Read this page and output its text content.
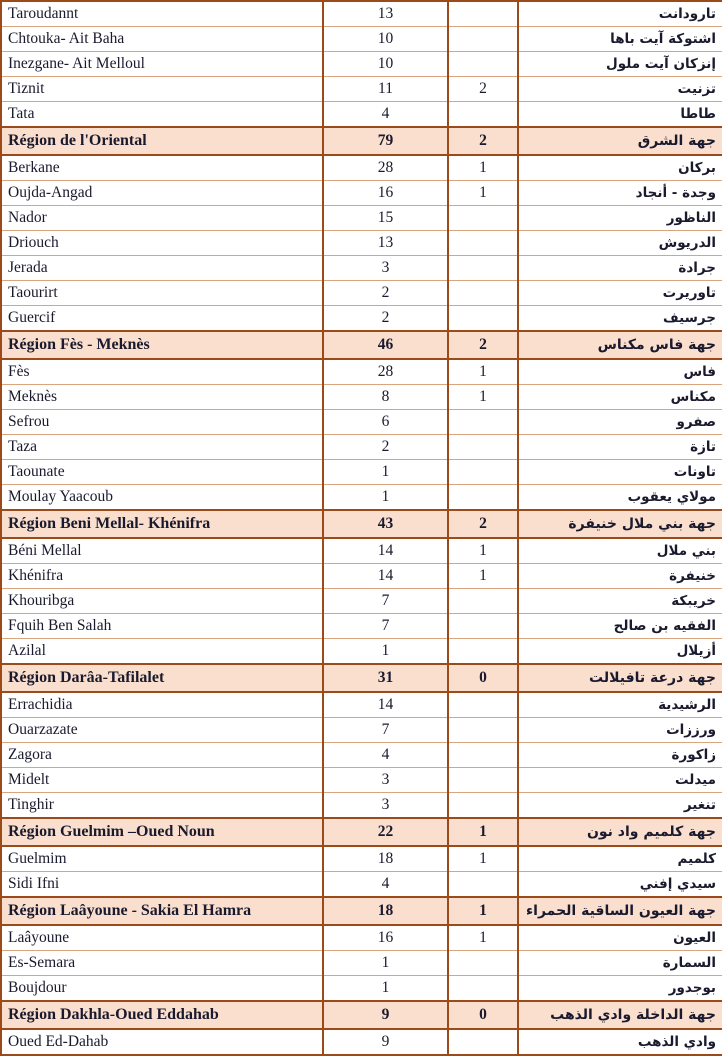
Taroudannt	13		تارودانت
Chtouka- Ait Baha	10		اشتوكة آيت باها
Inezgane- Ait Melloul	10		إنزكان آيت ملول
Tiznit	11	2	تزنيت
Tata	4		طاطا
Région de l'Oriental	79	2	جهة الشرق
Berkane	28	1	بركان
Oujda-Angad	16	1	وجدة - أنجاد
Nador	15		الناظور
Driouch	13		الدريوش
Jerada	3		جرادة
Taourirt	2		تاوريرت
Guercif	2		جرسيف
Région Fès - Meknès	46	2	جهة فاس مكناس
Fès	28	1	فاس
Meknès	8	1	مكناس
Sefrou	6		صفرو
Taza	2		تازة
Taounate	1		تاونات
Moulay Yaacoub	1		مولاي يعقوب
Région Beni Mellal- Khénifra	43	2	جهة بني ملال خنيفرة
Béni Mellal	14	1	بني ملال
Khénifra	14	1	خنيفرة
Khouribga	7		خريبكة
Fquih Ben Salah	7		الفقيه بن صالح
Azilal	1		أزيلال
Région Darâa-Tafilalet	31	0	جهة درعة تافيلالت
Errachidia	14		الرشيدية
Ouarzazate	7		ورززات
Zagora	4		زاكورة
Midelt	3		ميدلت
Tinghir	3		تنغير
Région Guelmim –Oued Noun	22	1	جهة كلميم واد نون
Guelmim	18	1	كلميم
Sidi Ifni	4		سيدي إفني
Région Laâyoune - Sakia El Hamra	18	1	جهة العيون الساقية الحمراء
Laâyoune	16	1	العيون
Es-Semara	1		السمارة
Boujdour	1		بوجدور
Région Dakhla-Oued Eddahab	9	0	جهة الداخلة وادي الذهب
Oued Ed-Dahab	9		وادي الذهب
